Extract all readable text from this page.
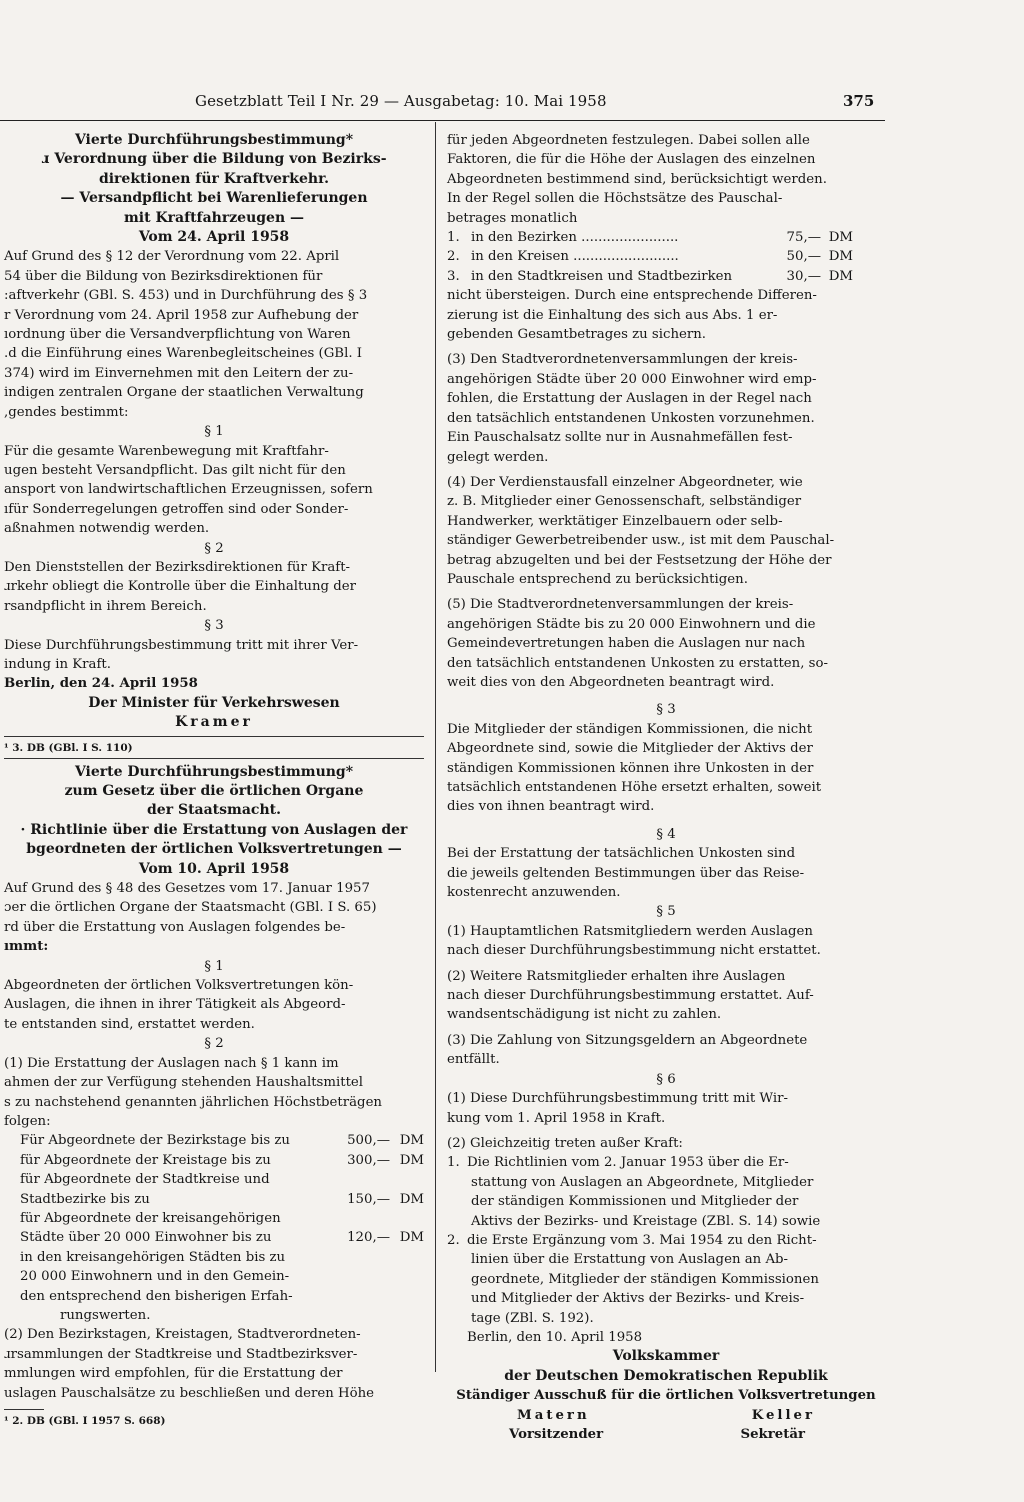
Gesetzblatt Teil I Nr. 29 — Ausgabetag: 10. Mai 1958	375
Vierte Durchführungsbestimmung*
ɹ Verordnung über die Bildung von Bezirks-
direktionen für Kraftverkehr.
— Versandpflicht bei Warenlieferungen
mit Kraftfahrzeugen —
Vom 24. April 1958

Auf Grund des § 12 der Verordnung vom 22. April

54 über die Bildung von Bezirksdirektionen für

:aftverkehr (GBl. S. 453) und in Durchführung des § 3

r Verordnung vom 24. April 1958 zur Aufhebung der

ıordnung über die Versandverpflichtung von Waren

.d die Einführung eines Warenbegleitscheines (GBl. I

374) wird im Einvernehmen mit den Leitern der zu-

indigen zentralen Organe der staatlichen Verwaltung

,gendes bestimmt:

§ 1

Für die gesamte Warenbewegung mit Kraftfahr-

ugen besteht Versandpflicht. Das gilt nicht für den

ansport von landwirtschaftlichen Erzeugnissen, sofern

ıfür Sonderregelungen getroffen sind oder Sonder-

aßnahmen notwendig werden.

§ 2

Den Dienststellen der Bezirksdirektionen für Kraft-

ɹrkehr obliegt die Kontrolle über die Einhaltung der

rsandpflicht in ihrem Bereich.

§ 3

Diese Durchführungsbestimmung tritt mit ihrer Ver-

indung in Kraft.

Berlin, den 24. April 1958

Der Minister für Verkehrswesen
Kramer
¹ 3. DB (GBl. I S. 110)
Vierte Durchführungsbestimmung*
zum Gesetz über die örtlichen Organe
der Staatsmacht.
· Richtlinie über die Erstattung von Auslagen der
bgeordneten der örtlichen Volksvertretungen —
Vom 10. April 1958

Auf Grund des § 48 des Gesetzes vom 17. Januar 1957

ɔer die örtlichen Organe der Staatsmacht (GBl. I S. 65)

rd über die Erstattung von Auslagen folgendes be-

ımmt:

§ 1

Abgeordneten der örtlichen Volksvertretungen kön-

Auslagen, die ihnen in ihrer Tätigkeit als Abgeord-

te entstanden sind, erstattet werden.

§ 2

(1) Die Erstattung der Auslagen nach § 1 kann im

ahmen der zur Verfügung stehenden Haushaltsmittel

s zu nachstehend genannten jährlichen Höchstbeträgen

folgen:

Für Abgeordnete der Bezirkstage bis zu	500,— DM
für Abgeordnete der Kreistage bis zu	300,— DM
für Abgeordnete der Stadtkreise und
Stadtbezirke bis zu	150,— DM
für Abgeordnete der kreisangehörigen
Städte über 20 000 Einwohner bis zu	120,— DM
in den kreisangehörigen Städten bis zu
20 000 Einwohnern und in den Gemein-
den entsprechend den bisherigen Erfah-
rungswerten.

(2) Den Bezirkstagen, Kreistagen, Stadtverordneten-

ɹrsammlungen der Stadtkreise und Stadtbezirksver-

mmlungen wird empfohlen, für die Erstattung der

uslagen Pauschalsätze zu beschließen und deren Höhe

¹ 2. DB (GBl. I 1957 S. 668)

für jeden Abgeordneten festzulegen. Dabei sollen alle

Faktoren, die für die Höhe der Auslagen des einzelnen

Abgeordneten bestimmend sind, berücksichtigt werden.

In der Regel sollen die Höchstsätze des Pauschal-

betrages monatlich

1. in den Bezirken .......................	75,— DM
2. in den Kreisen .........................	50,— DM
3. in den Stadtkreisen und Stadtbezirken	30,— DM

nicht übersteigen. Durch eine entsprechende Differen-

zierung ist die Einhaltung des sich aus Abs. 1 er-

gebenden Gesamtbetrages zu sichern.

(3) Den Stadtverordnetenversammlungen der kreis-

angehörigen Städte über 20 000 Einwohner wird emp-

fohlen, die Erstattung der Auslagen in der Regel nach

den tatsächlich entstandenen Unkosten vorzunehmen.

Ein Pauschalsatz sollte nur in Ausnahmefällen fest-

gelegt werden.

(4) Der Verdienstausfall einzelner Abgeordneter, wie

z. B. Mitglieder einer Genossenschaft, selbständiger

Handwerker, werktätiger Einzelbauern oder selb-

ständiger Gewerbetreibender usw., ist mit dem Pauschal-

betrag abzugelten und bei der Festsetzung der Höhe der

Pauschale entsprechend zu berücksichtigen.

(5) Die Stadtverordnetenversammlungen der kreis-

angehörigen Städte bis zu 20 000 Einwohnern und die

Gemeindevertretungen haben die Auslagen nur nach

den tatsächlich entstandenen Unkosten zu erstatten, so-

weit dies von den Abgeordneten beantragt wird.

§ 3

Die Mitglieder der ständigen Kommissionen, die nicht

Abgeordnete sind, sowie die Mitglieder der Aktivs der

ständigen Kommissionen können ihre Unkosten in der

tatsächlich entstandenen Höhe ersetzt erhalten, soweit

dies von ihnen beantragt wird.

§ 4

Bei der Erstattung der tatsächlichen Unkosten sind

die jeweils geltenden Bestimmungen über das Reise-

kostenrecht anzuwenden.

§ 5

(1) Hauptamtlichen Ratsmitgliedern werden Auslagen

nach dieser Durchführungsbestimmung nicht erstattet.

(2) Weitere Ratsmitglieder erhalten ihre Auslagen

nach dieser Durchführungsbestimmung erstattet. Auf-

wandsentschädigung ist nicht zu zahlen.

(3) Die Zahlung von Sitzungsgeldern an Abgeordnete

entfällt.

§ 6

(1) Diese Durchführungsbestimmung tritt mit Wir-

kung vom 1. April 1958 in Kraft.

(2) Gleichzeitig treten außer Kraft:

1. Die Richtlinien vom 2. Januar 1953 über die Er-

stattung von Auslagen an Abgeordnete, Mitglieder

der ständigen Kommissionen und Mitglieder der

Aktivs der Bezirks- und Kreistage (ZBl. S. 14) sowie

2. die Erste Ergänzung vom 3. Mai 1954 zu den Richt-

linien über die Erstattung von Auslagen an Ab-

geordnete, Mitglieder der ständigen Kommissionen

und Mitglieder der Aktivs der Bezirks- und Kreis-

tage (ZBl. S. 192).

Berlin, den 10. April 1958

Volkskammer
der Deutschen Demokratischen Republik
Ständiger Ausschuß für die örtlichen Volksvertretungen
Matern	Keller
Vorsitzender	Sekretär
